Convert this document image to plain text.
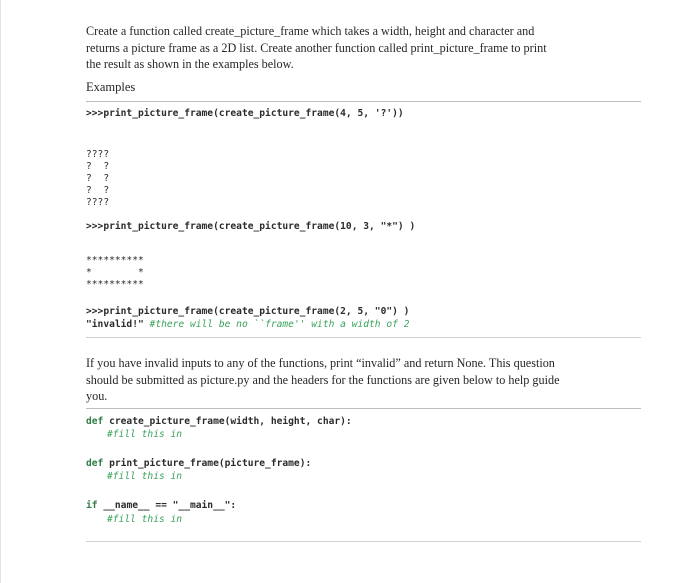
Create a function called create_picture_frame which takes a width, height and character and
returns a picture frame as a 2D list. Create another function called print_picture_frame to print
the result as shown in the examples below.

Examples

>>>print_picture_frame(create_picture_frame(4, 5, '?'))

????
?  ?
?  ?
?  ?
????
>>>print_picture_frame(create_picture_frame(10, 3, "*") )

**********
*        *
**********
>>>print_picture_frame(create_picture_frame(2, 5, "0") )
"invalid!" #there will be no ``frame'' with a width of 2

If you have invalid inputs to any of the functions, print “invalid” and return None. This question
should be submitted as picture.py and the headers for the functions are given below to help guide
you.

def create_picture_frame(width, height, char):
#fill this in
def print_picture_frame(picture_frame):
#fill this in
if __name__ == "__main__":
#fill this in
